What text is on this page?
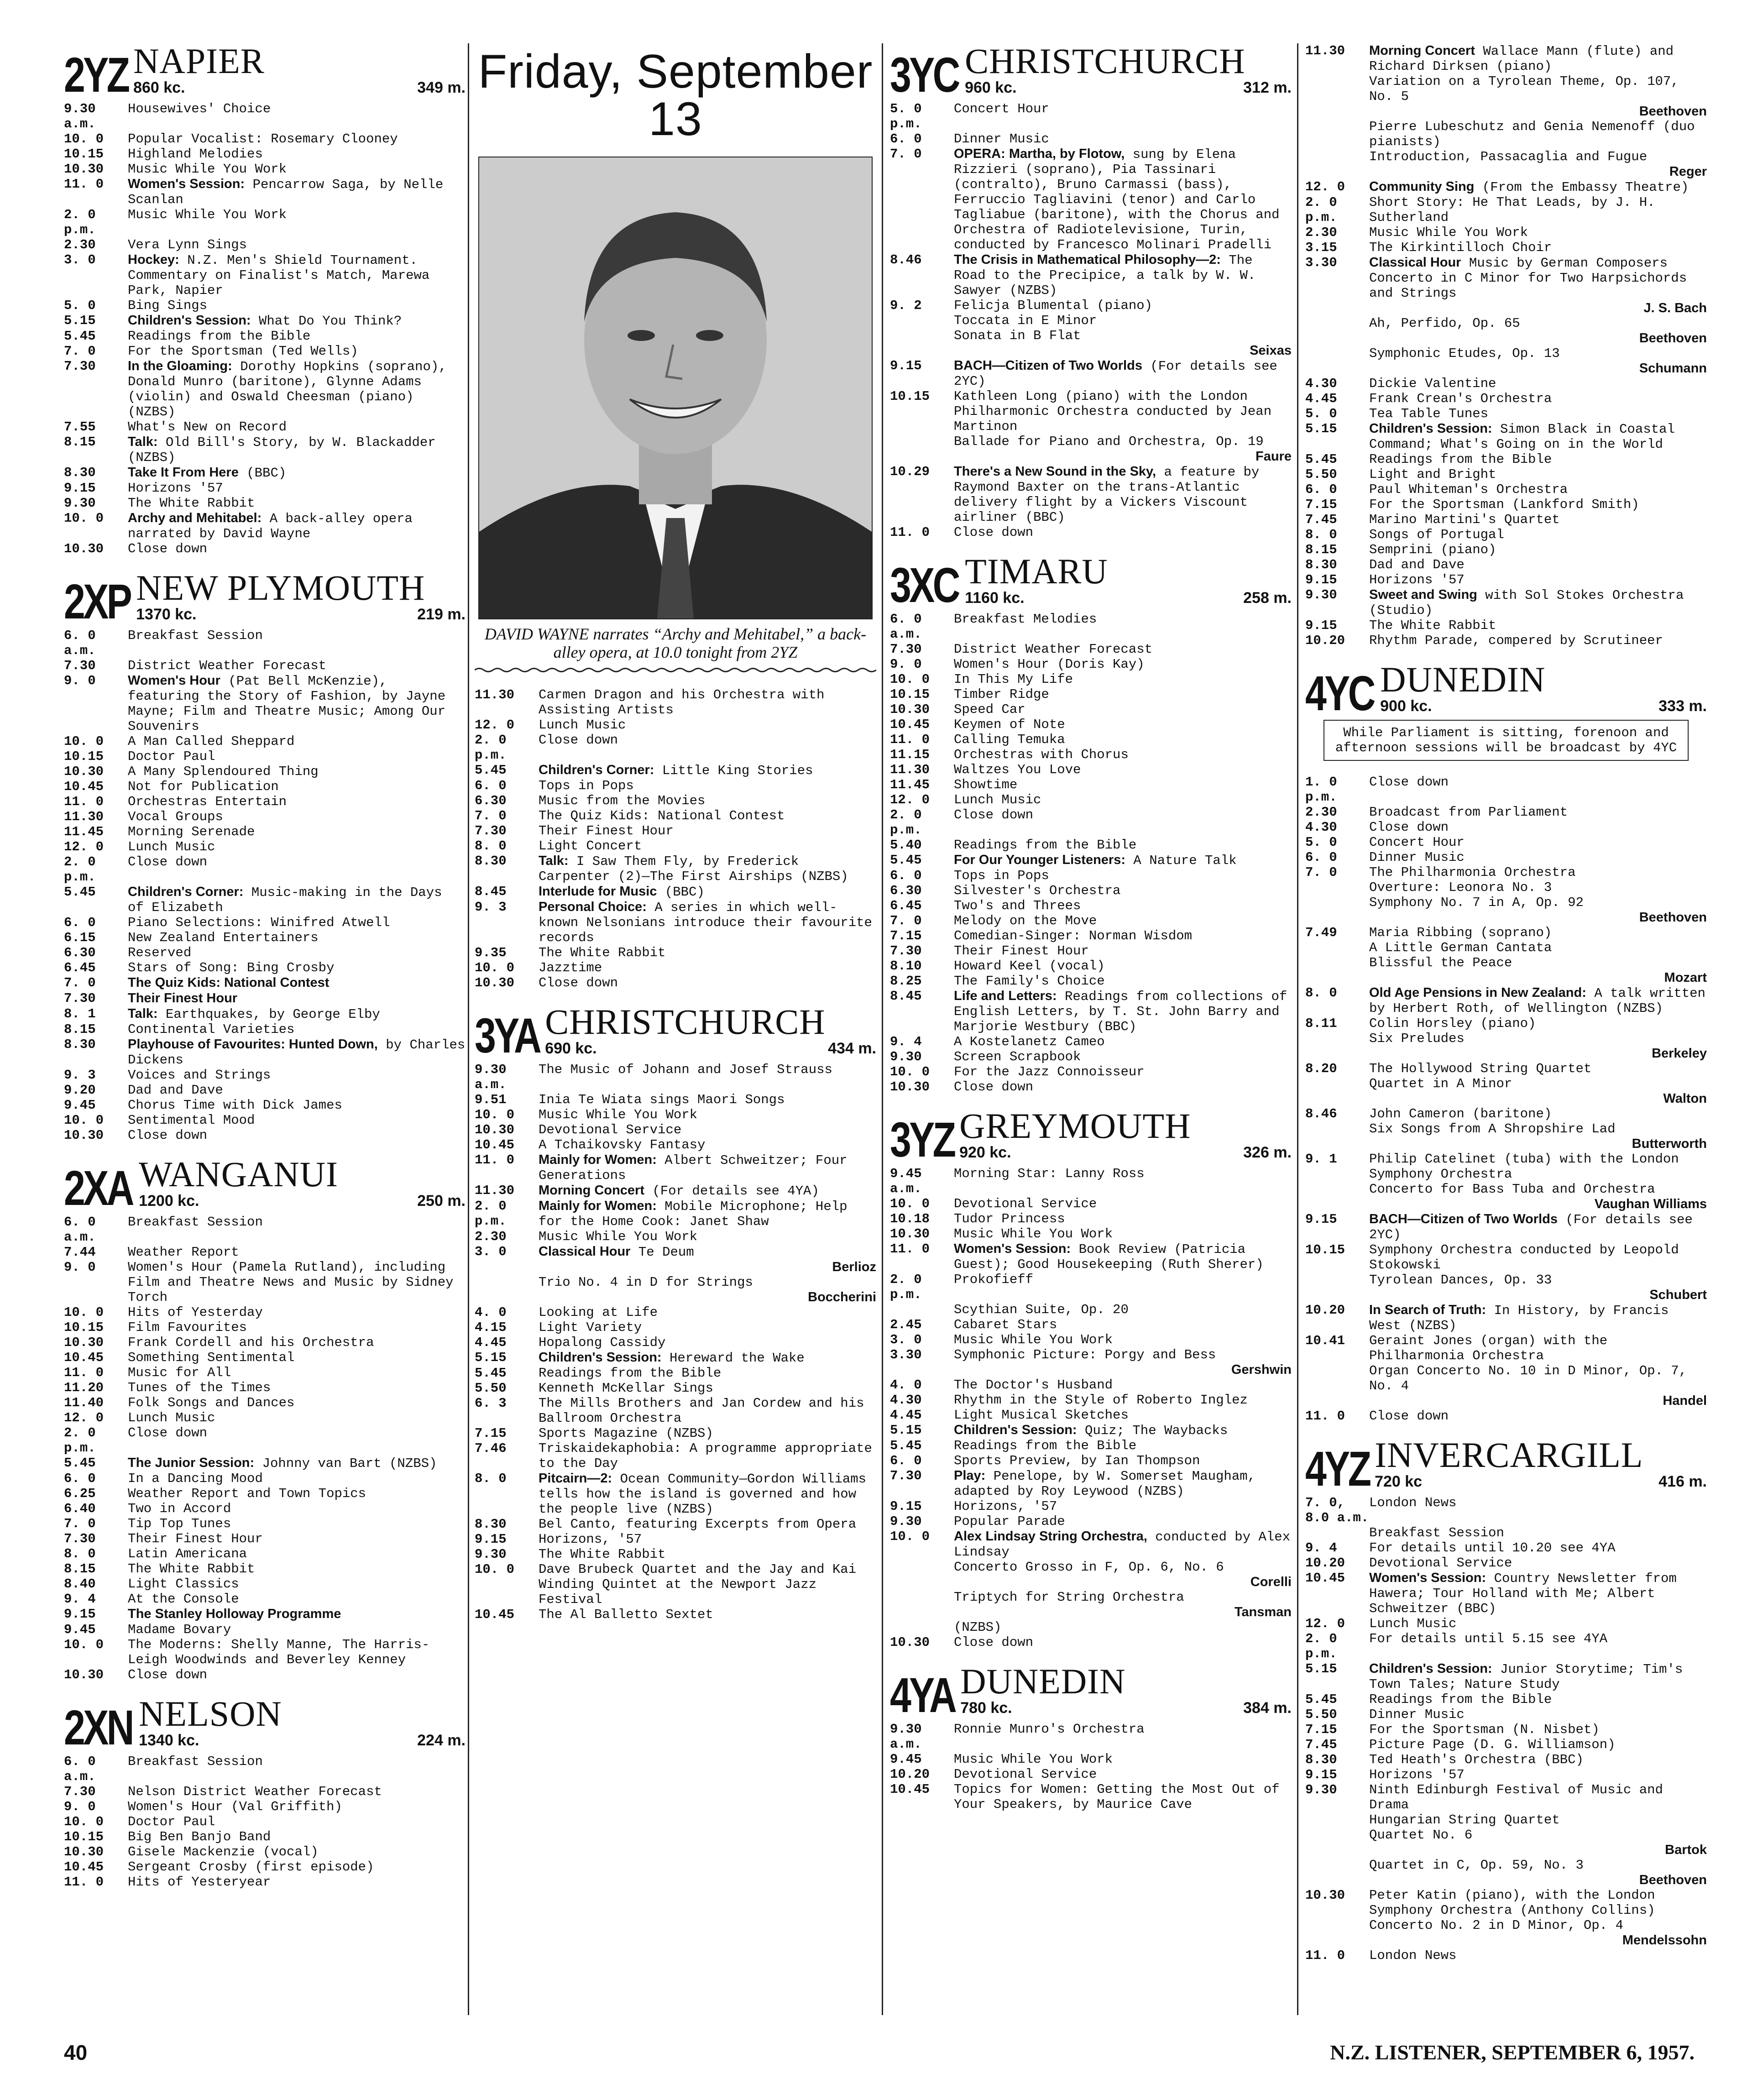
2YZ NAPIER
860 kc.	349 m.
9.30 a.m.
Housewives' Choice
10. 0	Popular Vocalist: Rosemary Clooney
10.15	Highland Melodies
10.30	Music While You Work
11. 0	Women's Session: Pencarrow Saga, by Nelle Scanlan
2. 0 p.m.
Music While You Work
2.30	Vera Lynn Sings
3. 0	Hockey: N.Z. Men's Shield Tournament. Commentary on Finalist's Match, Marewa Park, Napier
5. 0	Bing Sings
5.15	Children's Session: What Do You Think?
5.45	Readings from the Bible
7. 0	For the Sportsman (Ted Wells)
7.30	In the Gloaming: Dorothy Hopkins (soprano), Donald Munro (baritone), Glynne Adams (violin) and Oswald Cheesman (piano) (NZBS)
7.55	What's New on Record
8.15	Talk: Old Bill's Story, by W. Blackadder (NZBS)
8.30	Take It From Here (BBC)
9.15	Horizons '57
9.30	The White Rabbit
10. 0	Archy and Mehitabel: A back-alley opera narrated by David Wayne
10.30	Close down
2XP NEW PLYMOUTH
1370 kc.	219 m.
6. 0 a.m.
Breakfast Session
7.30	District Weather Forecast
9. 0	Women's Hour (Pat Bell McKenzie), featuring the Story of Fashion, by Jayne Mayne; Film and Theatre Music; Among Our Souvenirs
10. 0	A Man Called Sheppard
10.15	Doctor Paul
10.30	A Many Splendoured Thing
10.45	Not for Publication
11. 0	Orchestras Entertain
11.30	Vocal Groups
11.45	Morning Serenade
12. 0	Lunch Music
2. 0 p.m.
Close down
5.45	Children's Corner: Music-making in the Days of Elizabeth
6. 0	Piano Selections: Winifred Atwell
6.15	New Zealand Entertainers
6.30	Reserved
6.45	Stars of Song: Bing Crosby
7. 0	The Quiz Kids: National Contest
7.30	Their Finest Hour
8. 1	Talk: Earthquakes, by George Elby
8.15	Continental Varieties
8.30	Playhouse of Favourites: Hunted Down, by Charles Dickens
9. 3	Voices and Strings
9.20	Dad and Dave
9.45	Chorus Time with Dick James
10. 0	Sentimental Mood
10.30	Close down
2XA WANGANUI
1200 kc.	250 m.
6. 0 a.m.
Breakfast Session
7.44	Weather Report
9. 0	Women's Hour (Pamela Rutland), including Film and Theatre News and Music by Sidney Torch
10. 0	Hits of Yesterday
10.15	Film Favourites
10.30	Frank Cordell and his Orchestra
10.45	Something Sentimental
11. 0	Music for All
11.20	Tunes of the Times
11.40	Folk Songs and Dances
12. 0	Lunch Music
2. 0 p.m.
Close down
5.45	The Junior Session: Johnny van Bart (NZBS)
6. 0	In a Dancing Mood
6.25	Weather Report and Town Topics
6.40	Two in Accord
7. 0	Tip Top Tunes
7.30	Their Finest Hour
8. 0	Latin Americana
8.15	The White Rabbit
8.40	Light Classics
9. 4	At the Console
9.15	The Stanley Holloway Programme
9.45	Madame Bovary
10. 0	The Moderns: Shelly Manne, The Harris-Leigh Woodwinds and Beverley Kenney
10.30	Close down
2XN NELSON
1340 kc.	224 m.
6. 0 a.m.
Breakfast Session
7.30	Nelson District Weather Forecast
9. 0	Women's Hour (Val Griffith)
10. 0	Doctor Paul
10.15	Big Ben Banjo Band
10.30	Gisele Mackenzie (vocal)
10.45	Sergeant Crosby (first episode)
11. 0	Hits of Yesteryear
Friday, September 13
DAVID WAYNE narrates “Archy and Mehitabel,” a back-alley opera, at 10.0 tonight from 2YZ
11.30	Carmen Dragon and his Orchestra with Assisting Artists
12. 0	Lunch Music
2. 0 p.m.
Close down
5.45	Children's Corner: Little King Stories
6. 0	Tops in Pops
6.30	Music from the Movies
7. 0	The Quiz Kids: National Contest
7.30	Their Finest Hour
8. 0	Light Concert
8.30	Talk: I Saw Them Fly, by Frederick Carpenter (2)—The First Airships (NZBS)
8.45	Interlude for Music (BBC)
9. 3	Personal Choice: A series in which well-known Nelsonians introduce their favourite records
9.35	The White Rabbit
10. 0	Jazztime
10.30	Close down
3YA CHRISTCHURCH
690 kc.	434 m.
9.30 a.m.
The Music of Johann and Josef Strauss
9.51	Inia Te Wiata sings Maori Songs
10. 0	Music While You Work
10.30	Devotional Service
10.45	A Tchaikovsky Fantasy
11. 0	Mainly for Women: Albert Schweitzer; Four Generations
11.30	Morning Concert (For details see 4YA)
2. 0 p.m.
Mainly for Women: Mobile Microphone; Help for the Home Cook: Janet Shaw
2.30	Music While You Work
3. 0	Classical Hour Te Deum
Berlioz
Trio No. 4 in D for Strings
Boccherini
4. 0	Looking at Life
4.15	Light Variety
4.45	Hopalong Cassidy
5.15	Children's Session: Hereward the Wake
5.45	Readings from the Bible
5.50	Kenneth McKellar Sings
6. 3	The Mills Brothers and Jan Cordew and his Ballroom Orchestra
7.15	Sports Magazine (NZBS)
7.46	Triskaidekaphobia: A programme appropriate to the Day
8. 0	Pitcairn—2: Ocean Community—Gordon Williams tells how the island is governed and how the people live (NZBS)
8.30	Bel Canto, featuring Excerpts from Opera
9.15	Horizons, '57
9.30	The White Rabbit
10. 0	Dave Brubeck Quartet and the Jay and Kai Winding Quintet at the Newport Jazz Festival
10.45	The Al Balletto Sextet
3YC CHRISTCHURCH
960 kc.	312 m.
5. 0 p.m.
Concert Hour
6. 0	Dinner Music
7. 0	OPERA: Martha, by Flotow, sung by Elena Rizzieri (soprano), Pia Tassinari (contralto), Bruno Carmassi (bass), Ferruccio Tagliavini (tenor) and Carlo Tagliabue (baritone), with the Chorus and Orchestra of Radiotelevisione, Turin, conducted by Francesco Molinari Pradelli
8.46	The Crisis in Mathematical Philosophy—2: The Road to the Precipice, a talk by W. W. Sawyer (NZBS)
9. 2	Felicja Blumental (piano)
Toccata in E Minor
Sonata in B Flat
Seixas
9.15	BACH—Citizen of Two Worlds (For details see 2YC)
10.15	Kathleen Long (piano) with the London Philharmonic Orchestra conducted by Jean Martinon
Ballade for Piano and Orchestra, Op. 19
Faure
10.29	There's a New Sound in the Sky, a feature by Raymond Baxter on the trans-Atlantic delivery flight by a Vickers Viscount airliner (BBC)
11. 0	Close down
3XC TIMARU
1160 kc.	258 m.
6. 0 a.m.
Breakfast Melodies
7.30	District Weather Forecast
9. 0	Women's Hour (Doris Kay)
10. 0	In This My Life
10.15	Timber Ridge
10.30	Speed Car
10.45	Keymen of Note
11. 0	Calling Temuka
11.15	Orchestras with Chorus
11.30	Waltzes You Love
11.45	Showtime
12. 0	Lunch Music
2. 0 p.m.
Close down
5.40	Readings from the Bible
5.45	For Our Younger Listeners: A Nature Talk
6. 0	Tops in Pops
6.30	Silvester's Orchestra
6.45	Two's and Threes
7. 0	Melody on the Move
7.15	Comedian-Singer: Norman Wisdom
7.30	Their Finest Hour
8.10	Howard Keel (vocal)
8.25	The Family's Choice
8.45	Life and Letters: Readings from collections of English Letters, by T. St. John Barry and Marjorie Westbury (BBC)
9. 4	A Kostelanetz Cameo
9.30	Screen Scrapbook
10. 0	For the Jazz Connoisseur
10.30	Close down
3YZ GREYMOUTH
920 kc.	326 m.
9.45 a.m.
Morning Star: Lanny Ross
10. 0	Devotional Service
10.18	Tudor Princess
10.30	Music While You Work
11. 0	Women's Session: Book Review (Patricia Guest); Good Housekeeping (Ruth Sherer)
2. 0 p.m.
Prokofieff
Scythian Suite, Op. 20
2.45	Cabaret Stars
3. 0	Music While You Work
3.30	Symphonic Picture: Porgy and Bess
Gershwin
4. 0	The Doctor's Husband
4.30	Rhythm in the Style of Roberto Inglez
4.45	Light Musical Sketches
5.15	Children's Session: Quiz; The Waybacks
5.45	Readings from the Bible
6. 0	Sports Preview, by Ian Thompson
7.30	Play: Penelope, by W. Somerset Maugham, adapted by Roy Leywood (NZBS)
9.15	Horizons, '57
9.30	Popular Parade
10. 0	Alex Lindsay String Orchestra, conducted by Alex Lindsay
Concerto Grosso in F, Op. 6, No. 6
Corelli
Triptych for String Orchestra
Tansman
(NZBS)
10.30	Close down
4YA DUNEDIN
780 kc.	384 m.
9.30 a.m.
Ronnie Munro's Orchestra
9.45	Music While You Work
10.20	Devotional Service
10.45	Topics for Women: Getting the Most Out of Your Speakers, by Maurice Cave
11.30	Morning Concert Wallace Mann (flute) and Richard Dirksen (piano)
Variation on a Tyrolean Theme, Op. 107, No. 5
Beethoven
Pierre Lubeschutz and Genia Nemenoff (duo pianists)
Introduction, Passacaglia and Fugue
Reger
12. 0	Community Sing (From the Embassy Theatre)
2. 0 p.m.
Short Story: He That Leads, by J. H. Sutherland
2.30	Music While You Work
3.15	The Kirkintilloch Choir
3.30	Classical Hour Music by German Composers
Concerto in C Minor for Two Harpsichords and Strings
J. S. Bach
Ah, Perfido, Op. 65
Beethoven
Symphonic Etudes, Op. 13
Schumann
4.30	Dickie Valentine
4.45	Frank Crean's Orchestra
5. 0	Tea Table Tunes
5.15	Children's Session: Simon Black in Coastal Command; What's Going on in the World
5.45	Readings from the Bible
5.50	Light and Bright
6. 0	Paul Whiteman's Orchestra
7.15	For the Sportsman (Lankford Smith)
7.45	Marino Martini's Quartet
8. 0	Songs of Portugal
8.15	Semprini (piano)
8.30	Dad and Dave
9.15	Horizons '57
9.30	Sweet and Swing with Sol Stokes Orchestra (Studio)
9.15	The White Rabbit
10.20	Rhythm Parade, compered by Scrutineer
4YC DUNEDIN
900 kc.	333 m.
While Parliament is sitting, forenoon and afternoon sessions will be broadcast by 4YC
1. 0 p.m.
Close down
2.30	Broadcast from Parliament
4.30	Close down
5. 0	Concert Hour
6. 0	Dinner Music
7. 0	The Philharmonia Orchestra
Overture: Leonora No. 3
Symphony No. 7 in A, Op. 92
Beethoven
7.49	Maria Ribbing (soprano)
A Little German Cantata
Blissful the Peace
Mozart
8. 0	Old Age Pensions in New Zealand: A talk written by Herbert Roth, of Wellington (NZBS)
8.11	Colin Horsley (piano)
Six Preludes
Berkeley
8.20	The Hollywood String Quartet
Quartet in A Minor
Walton
8.46	John Cameron (baritone)
Six Songs from A Shropshire Lad
Butterworth
9. 1	Philip Catelinet (tuba) with the London Symphony Orchestra
Concerto for Bass Tuba and Orchestra
Vaughan Williams
9.15	BACH—Citizen of Two Worlds (For details see 2YC)
10.15	Symphony Orchestra conducted by Leopold Stokowski
Tyrolean Dances, Op. 33
Schubert
10.20	In Search of Truth: In History, by Francis West (NZBS)
10.41	Geraint Jones (organ) with the Philharmonia Orchestra
Organ Concerto No. 10 in D Minor, Op. 7, No. 4
Handel
11. 0	Close down
4YZ INVERCARGILL
720 kc	416 m.
7. 0, 8.0 a.m.
London News
Breakfast Session
9. 4	For details until 10.20 see 4YA
10.20	Devotional Service
10.45	Women's Session: Country Newsletter from Hawera; Tour Holland with Me; Albert Schweitzer (BBC)
12. 0	Lunch Music
2. 0 p.m.
For details until 5.15 see 4YA
5.15	Children's Session: Junior Storytime; Tim's Town Tales; Nature Study
5.45	Readings from the Bible
5.50	Dinner Music
7.15	For the Sportsman (N. Nisbet)
7.45	Picture Page (D. G. Williamson)
8.30	Ted Heath's Orchestra (BBC)
9.15	Horizons '57
9.30	Ninth Edinburgh Festival of Music and Drama
Hungarian String Quartet
Quartet No. 6
Bartok
Quartet in C, Op. 59, No. 3
Beethoven
10.30	Peter Katin (piano), with the London Symphony Orchestra (Anthony Collins)
Concerto No. 2 in D Minor, Op. 4
Mendelssohn
11. 0	London News
40	N.Z. LISTENER, SEPTEMBER 6, 1957.
